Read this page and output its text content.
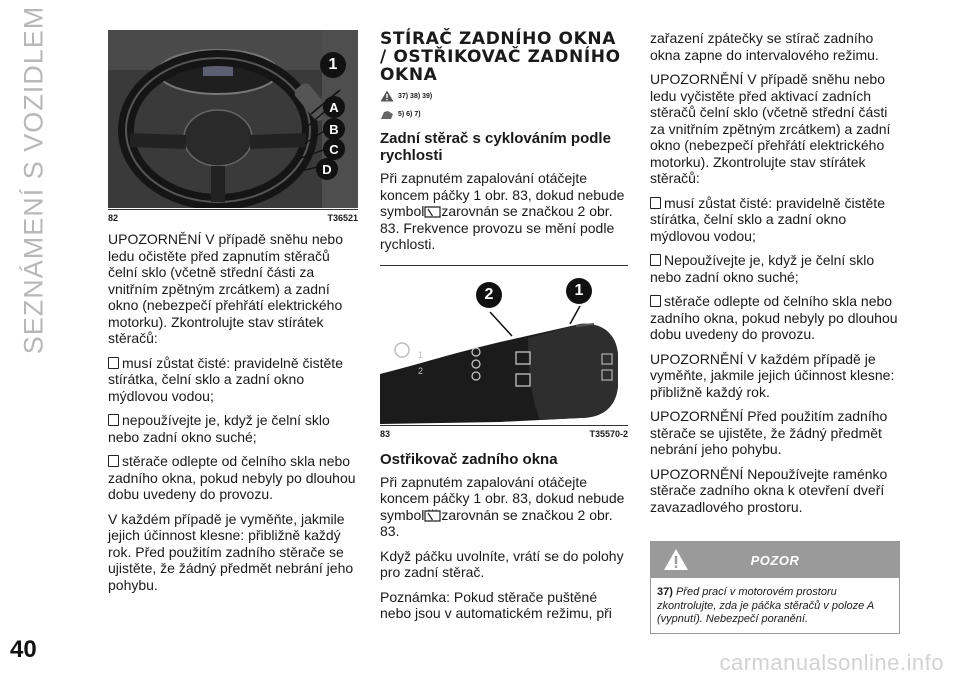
SEZNÁMENÍ S VOZIDLEM	1
A
B
C
D
82	T36521

UPOZORNĚNÍ V případě sněhu nebo ledu očistěte před zapnutím stěračů čelní sklo (včetně střední části za vnitřním zpětným zrcátkem) a zadní okno (nebezpečí přehřátí elektrického motorku). Zkontrolujte stav stírátek stěračů:

musí zůstat čisté: pravidelně čistěte stírátka, čelní sklo a zadní okno mýdlovou vodou;

nepoužívejte je, když je čelní sklo nebo zadní okno suché;

stěrače odlepte od čelního skla nebo zadního okna, pokud nebyly po dlouhou dobu uvedeny do provozu.

V každém případě je vyměňte, jakmile jejich účinnost klesne: přibližně každý rok. Před použitím zadního stěrače se ujistěte, že žádný předmět nebrání jeho pohybu.

STÍRAČ ZADNÍHO OKNA / OSTŘIKOVAČ ZADNÍHO OKNA
37) 38) 39)
5) 6) 7)
Zadní stěrač s cyklováním podle rychlosti

Při zapnutém zapalování otáčejte koncem páčky 1 obr. 83, dokud nebude symbol zarovnán se značkou 2 obr. 83. Frekvence provozu se mění podle rychlosti.

1
2
2	1
83	T35570-2
Ostřikovač zadního okna

Při zapnutém zapalování otáčejte koncem páčky 1 obr. 83, dokud nebude symbol zarovnán se značkou 2 obr. 83.

Když páčku uvolníte, vrátí se do polohy pro zadní stěrač.

Poznámka: Pokud stěrače puštěné nebo jsou v automatickém režimu, při

zařazení zpátečky se stírač zadního okna zapne do intervalového režimu.

UPOZORNĚNÍ V případě sněhu nebo ledu vyčistěte před aktivací zadních stěračů čelní sklo (včetně střední části za vnitřním zpětným zrcátkem) a zadní okno (nebezpečí přehřátí elektrického motorku). Zkontrolujte stav stírátek stěračů:

musí zůstat čisté: pravidelně čistěte stírátka, čelní sklo a zadní okno mýdlovou vodou;

Nepoužívejte je, když je čelní sklo nebo zadní okno suché;

stěrače odlepte od čelního skla nebo zadního okna, pokud nebyly po dlouhou dobu uvedeny do provozu.

UPOZORNĚNÍ V každém případě je vyměňte, jakmile jejich účinnost klesne: přibližně každý rok.

UPOZORNĚNÍ Před použitím zadního stěrače se ujistěte, že žádný předmět nebrání jeho pohybu.

UPOZORNĚNÍ Nepoužívejte raménko stěrače zadního okna k otevření dveří zavazadlového prostoru.

POZOR
37) Před prací v motorovém prostoru zkontrolujte, zda je páčka stěračů v poloze A (vypnutí). Nebezpečí poranění.
40	carmanualsonline.info
